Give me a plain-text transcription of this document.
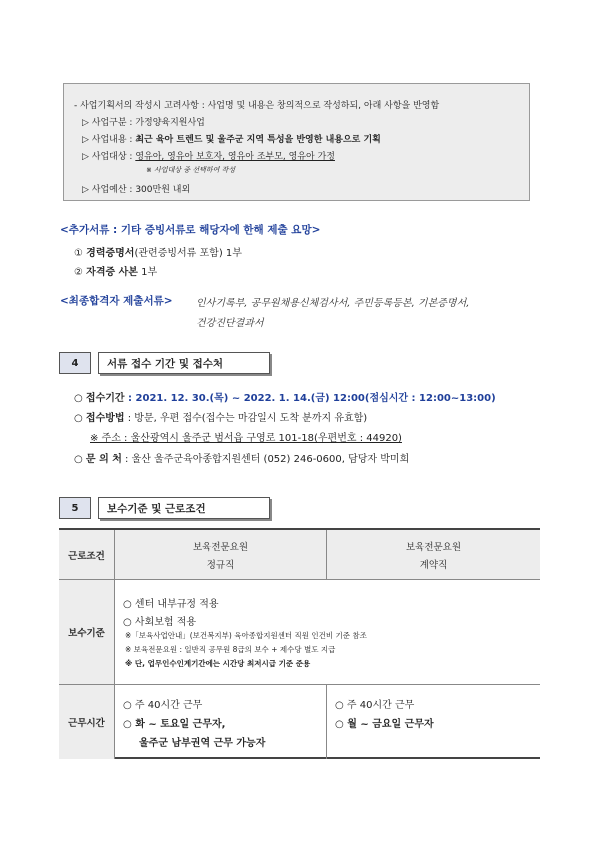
- 사업기획서의 작성시 고려사항 : 사업명 및 내용은 창의적으로 작성하되, 아래 사항을 반영함
▷ 사업구분 : 가정양육지원사업
▷ 사업내용 : 최근 육아 트렌드 및 울주군 지역 특성을 반영한 내용으로 기획
▷ 사업대상 : 영유아, 영유아 보호자, 영유아 조부모, 영유아 가정
※ 사업대상 중 선택하여 작성
▷ 사업예산 : 300만원 내외
<추가서류 : 기타 증빙서류로 해당자에 한해 제출 요망>
① 경력증명서(관련증빙서류 포함) 1부
② 자격증 사본 1부
<최종합격자 제출서류> 인사기록부, 공무원채용신체검사서, 주민등록등본, 기본증명서,
건강진단결과서
4	서류 접수 기간 및 접수처
○ 접수기간 : 2021. 12. 30.(목) ~ 2022. 1. 14.(금) 12:00(점심시간 : 12:00~13:00)
○ 접수방법 : 방문, 우편 접수(접수는 마감일시 도착 분까지 유효함)
※ 주소 : 울산광역시 울주군 범서읍 구영로 101-18(우편번호 : 44920)
○ 문 의 처 : 울산 울주군육아종합지원센터 (052) 246-0600, 담당자 박미희
5	보수기준 및 근로조건
근로조건
보육전문요원
정규직
보육전문요원
계약직
보수기준
○ 센터 내부규정 적용
○ 사회보험 적용
※「보육사업안내」(보건복지부) 육아종합지원센터 직원 인건비 기준 참조
※ 보육전문요원 : 일반직 공무원 8급의 보수 + 제수당 별도 지급
※ 단, 업무인수인계기간에는 시간당 최저시급 기준 준용
근무시간
○ 주 40시간 근무
○ 화 ~ 토요일 근무자,
울주군 남부권역 근무 가능자
○ 주 40시간 근무
○ 월 ~ 금요일 근무자
